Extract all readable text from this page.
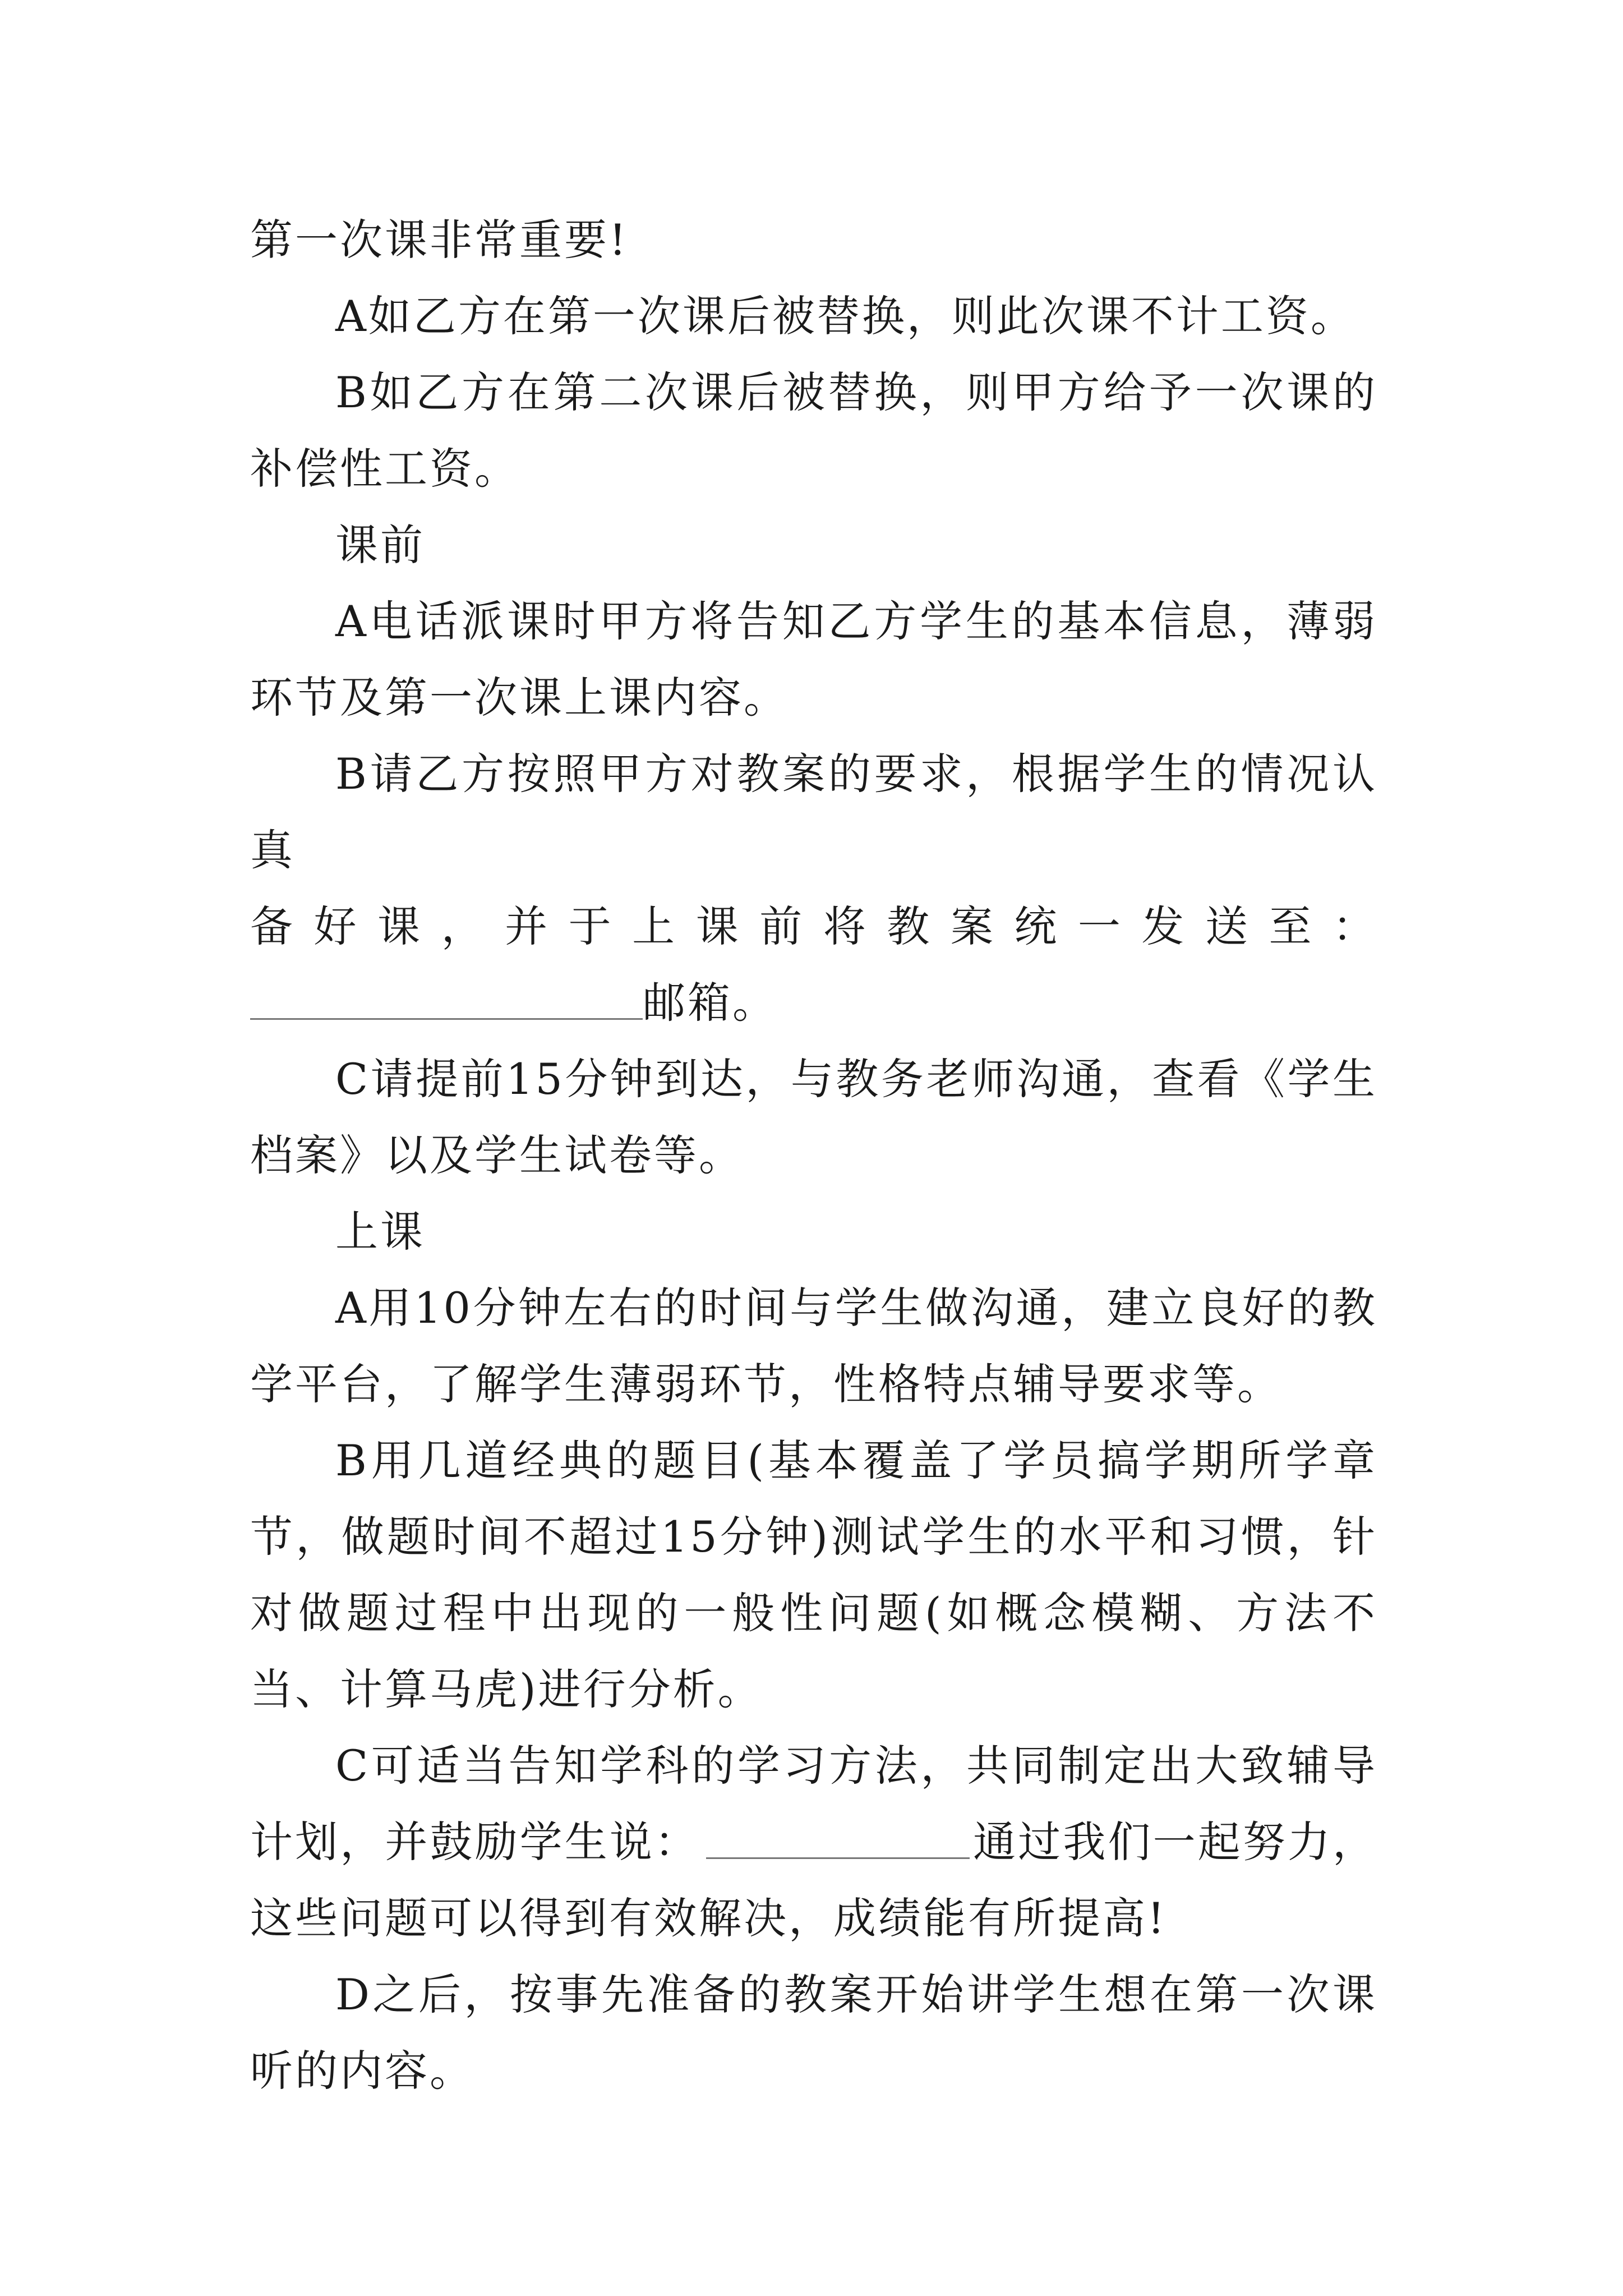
第一次课非常重要!

A如乙方在第一次课后被替换，则此次课不计工资。

B如乙方在第二次课后被替换，则甲方给予一次课的补偿性工资。

课前

A电话派课时甲方将告知乙方学生的基本信息，薄弱环节及第一次课上课内容。

B请乙方按照甲方对教案的要求，根据学生的情况认真

备好课，并于上课前将教案统一发送至：

邮箱。

C请提前15分钟到达，与教务老师沟通，查看《学生档案》以及学生试卷等。

上课

A用10分钟左右的时间与学生做沟通，建立良好的教学平台，了解学生薄弱环节，性格特点辅导要求等。

B用几道经典的题目(基本覆盖了学员搞学期所学章节，做题时间不超过15分钟)测试学生的水平和习惯，针对做题过程中出现的一般性问题(如概念模糊、方法不当、计算马虎)进行分析。

C可适当告知学科的学习方法，共同制定出大致辅导计划，并鼓励学生说：	通过我们一起努力，这些问题可以得到有效解决，成绩能有所提高!

D之后，按事先准备的教案开始讲学生想在第一次课听的内容。
